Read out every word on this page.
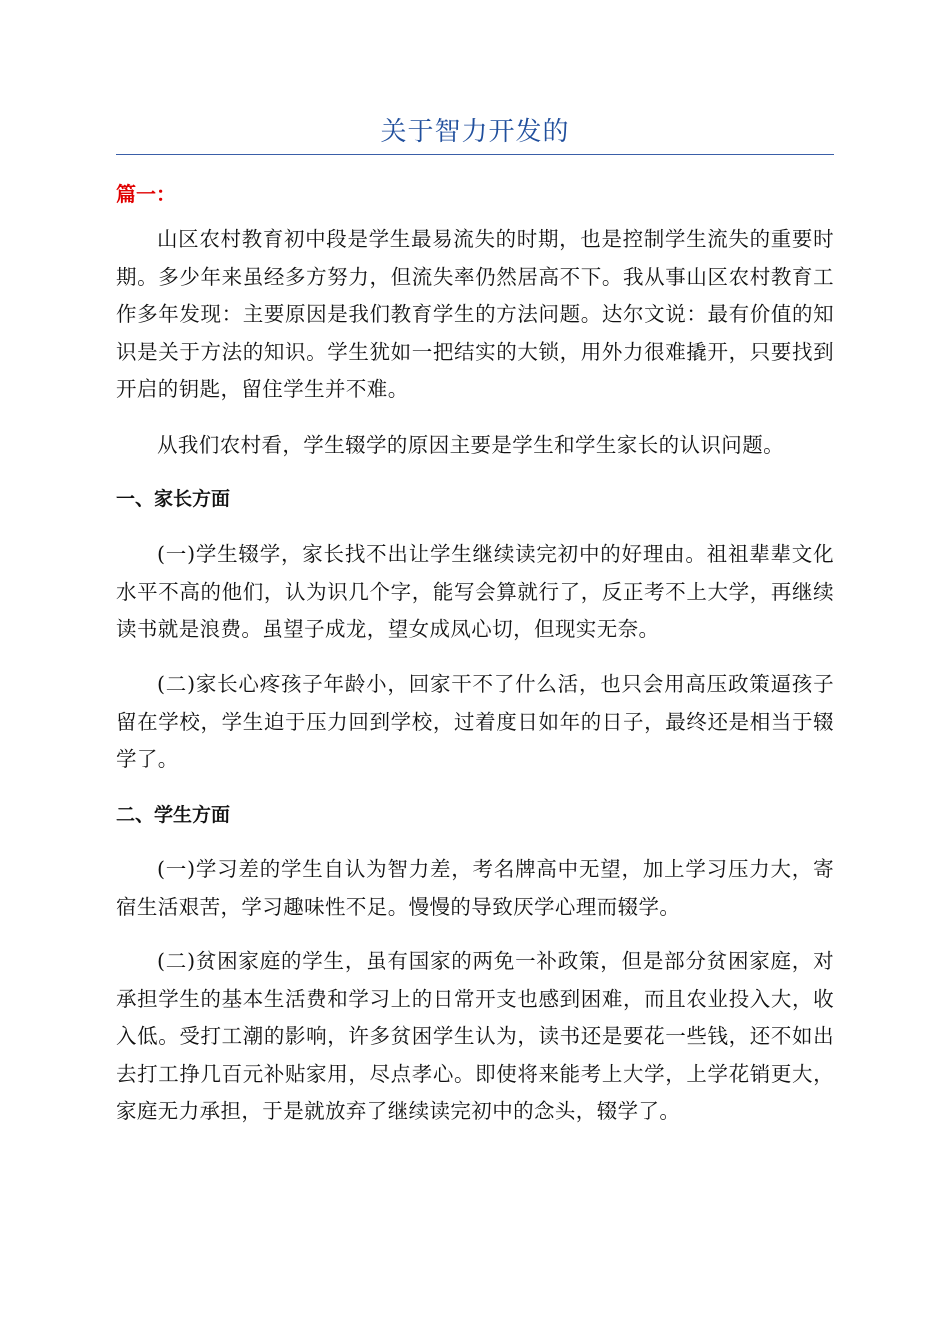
关于智力开发的
篇一：

山区农村教育初中段是学生最易流失的时期，也是控制学生流失的重要时期。多少年来虽经多方努力，但流失率仍然居高不下。我从事山区农村教育工作多年发现：主要原因是我们教育学生的方法问题。达尔文说：最有价值的知识是关于方法的知识。学生犹如一把结实的大锁，用外力很难撬开，只要找到开启的钥匙，留住学生并不难。

从我们农村看，学生辍学的原因主要是学生和学生家长的认识问题。

一、家长方面

(一)学生辍学，家长找不出让学生继续读完初中的好理由。祖祖辈辈文化水平不高的他们，认为识几个字，能写会算就行了，反正考不上大学，再继续读书就是浪费。虽望子成龙，望女成凤心切，但现实无奈。

(二)家长心疼孩子年龄小，回家干不了什么活，也只会用高压政策逼孩子留在学校，学生迫于压力回到学校，过着度日如年的日子，最终还是相当于辍学了。

二、学生方面

(一)学习差的学生自认为智力差，考名牌高中无望，加上学习压力大，寄宿生活艰苦，学习趣味性不足。慢慢的导致厌学心理而辍学。

(二)贫困家庭的学生，虽有国家的两免一补政策，但是部分贫困家庭，对承担学生的基本生活费和学习上的日常开支也感到困难，而且农业投入大，收入低。受打工潮的影响，许多贫困学生认为，读书还是要花一些钱，还不如出去打工挣几百元补贴家用，尽点孝心。即使将来能考上大学，上学花销更大，家庭无力承担，于是就放弃了继续读完初中的念头，辍学了。
